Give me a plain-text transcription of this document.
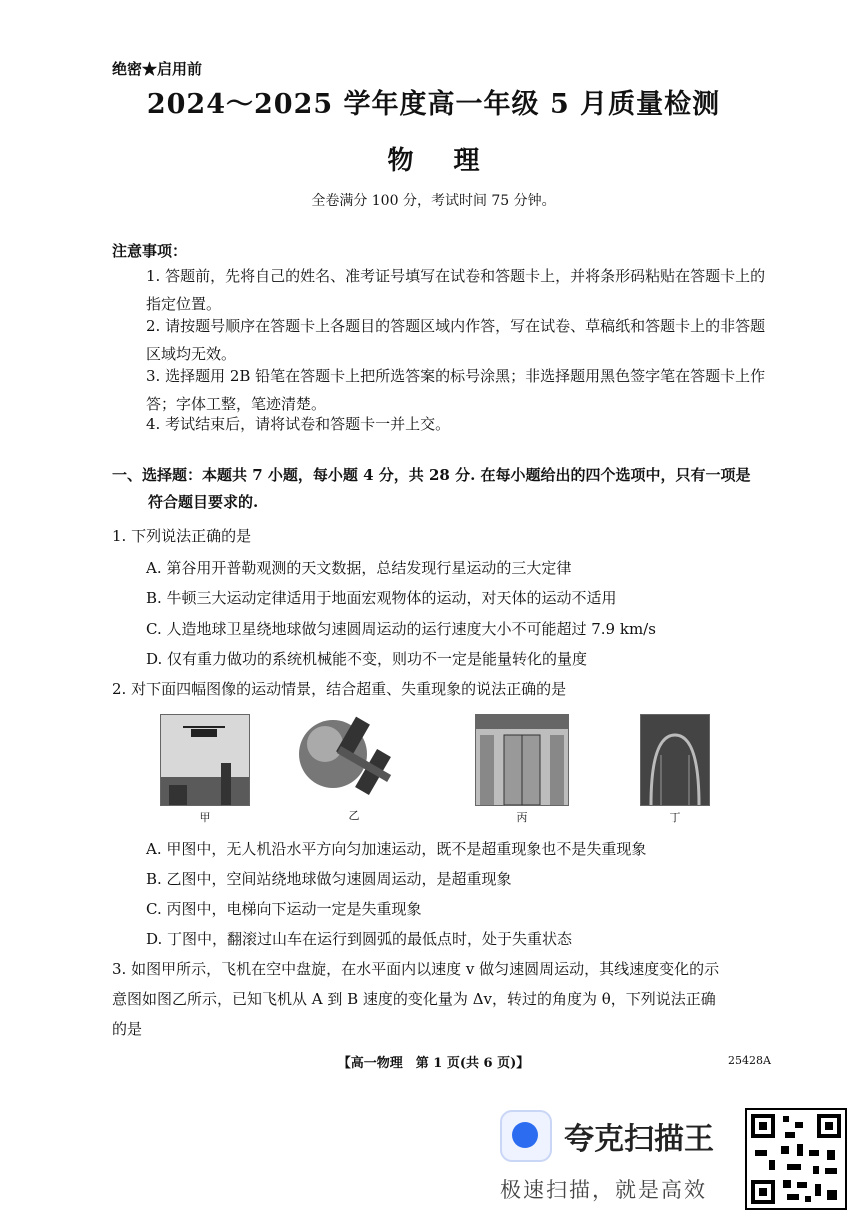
绝密★启用前
2024～2025 学年度高一年级 5 月质量检测
物理
全卷满分 100 分，考试时间 75 分钟。
注意事项：
1. 答题前，先将自己的姓名、准考证号填写在试卷和答题卡上，并将条形码粘贴在答题卡上的指定位置。
2. 请按题号顺序在答题卡上各题目的答题区域内作答，写在试卷、草稿纸和答题卡上的非答题区域均无效。
3. 选择题用 2B 铅笔在答题卡上把所选答案的标号涂黑；非选择题用黑色签字笔在答题卡上作答；字体工整，笔迹清楚。
4. 考试结束后，请将试卷和答题卡一并上交。
一、选择题：本题共 7 小题，每小题 4 分，共 28 分. 在每小题给出的四个选项中，只有一项是
符合题目要求的.
1. 下列说法正确的是
A. 第谷用开普勒观测的天文数据，总结发现行星运动的三大定律
B. 牛顿三大运动定律适用于地面宏观物体的运动，对天体的运动不适用
C. 人造地球卫星绕地球做匀速圆周运动的运行速度大小不可能超过 7.9 km/s
D. 仅有重力做功的系统机械能不变，则功不一定是能量转化的量度
2. 对下面四幅图像的运动情景，结合超重、失重现象的说法正确的是
甲	乙	丙	丁
A. 甲图中，无人机沿水平方向匀加速运动，既不是超重现象也不是失重现象
B. 乙图中，空间站绕地球做匀速圆周运动，是超重现象
C. 丙图中，电梯向下运动一定是失重现象
D. 丁图中，翻滚过山车在运行到圆弧的最低点时，处于失重状态
3. 如图甲所示，飞机在空中盘旋，在水平面内以速度 v 做匀速圆周运动，其线速度变化的示
意图如图乙所示，已知飞机从 A 到 B 速度的变化量为 Δv，转过的角度为 θ，下列说法正确
的是
【高一物理　第 1 页(共 6 页)】	25428A
夸克扫描王
极速扫描，就是高效
